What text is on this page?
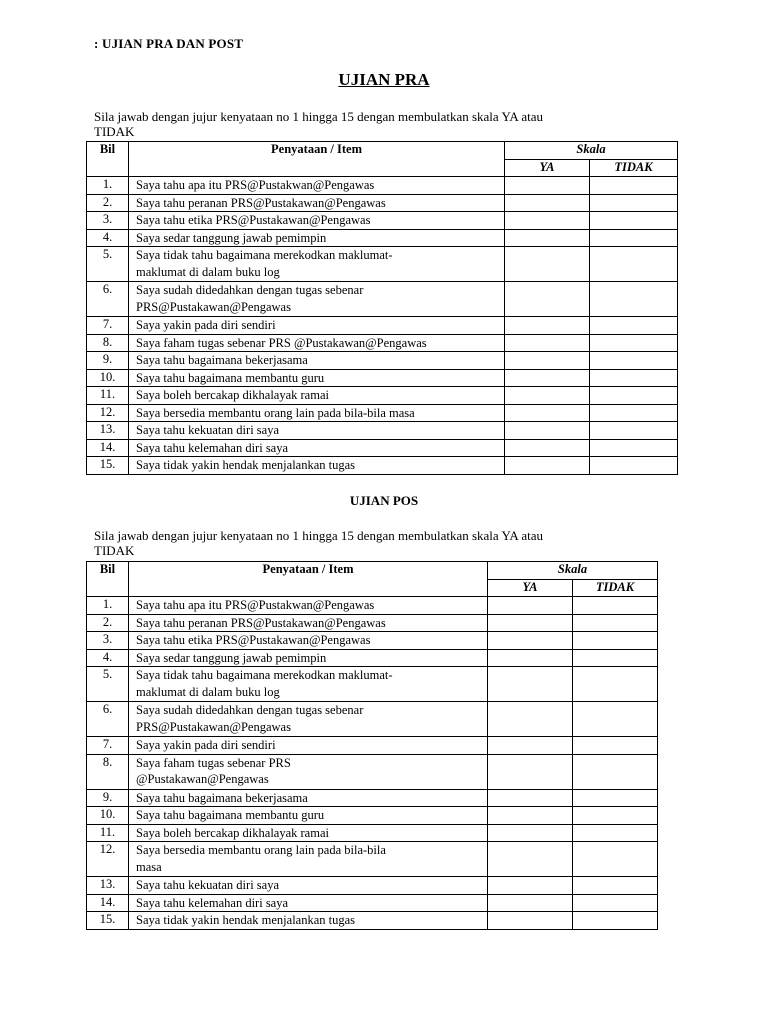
: UJIAN PRA DAN POST
UJIAN PRA
Sila jawab dengan jujur kenyataan no 1 hingga 15 dengan membulatkan skala YA atau
TIDAK
Bil	Penyataan / Item	Skala	
		YA	TIDAK
1.	Saya tahu apa itu PRS@Pustakwan@Pengawas		

2.	Saya tahu peranan PRS@Pustakawan@Pengawas		

3.	Saya tahu etika PRS@Pustakawan@Pengawas		

4.	Saya sedar tanggung jawab pemimpin		

5.	Saya tidak tahu bagaimana merekodkan maklumat-
maklumat di dalam buku log		

6.	Saya sudah didedahkan dengan tugas sebenar
PRS@Pustakawan@Pengawas		

7.	Saya yakin pada diri sendiri		

8.	Saya faham tugas sebenar PRS @Pustakawan@Pengawas		

9.	Saya tahu bagaimana bekerjasama		

10.	Saya tahu bagaimana membantu guru		

11.	Saya boleh bercakap dikhalayak ramai		

12.	Saya bersedia membantu orang lain pada bila-bila masa		

13.	Saya tahu kekuatan diri saya		

14.	Saya tahu kelemahan diri saya		

15.	Saya tidak yakin hendak menjalankan tugas		

UJIAN POS
Sila jawab dengan jujur kenyataan no 1 hingga 15 dengan membulatkan skala YA atau
TIDAK
Bil	Penyataan / Item	Skala	
		YA	TIDAK
1.	Saya tahu apa itu PRS@Pustakwan@Pengawas		

2.	Saya tahu peranan PRS@Pustakawan@Pengawas		

3.	Saya tahu etika PRS@Pustakawan@Pengawas		

4.	Saya sedar tanggung jawab pemimpin		

5.	Saya tidak tahu bagaimana merekodkan maklumat-
maklumat di dalam buku log		

6.	Saya sudah didedahkan dengan tugas sebenar
PRS@Pustakawan@Pengawas		

7.	Saya yakin pada diri sendiri		

8.	Saya faham tugas sebenar PRS
@Pustakawan@Pengawas		

9.	Saya tahu bagaimana bekerjasama		

10.	Saya tahu bagaimana membantu guru		

11.	Saya boleh bercakap dikhalayak ramai		

12.	Saya bersedia membantu orang lain pada bila-bila
masa		

13.	Saya tahu kekuatan diri saya		

14.	Saya tahu kelemahan diri saya		

15.	Saya tidak yakin hendak menjalankan tugas		
